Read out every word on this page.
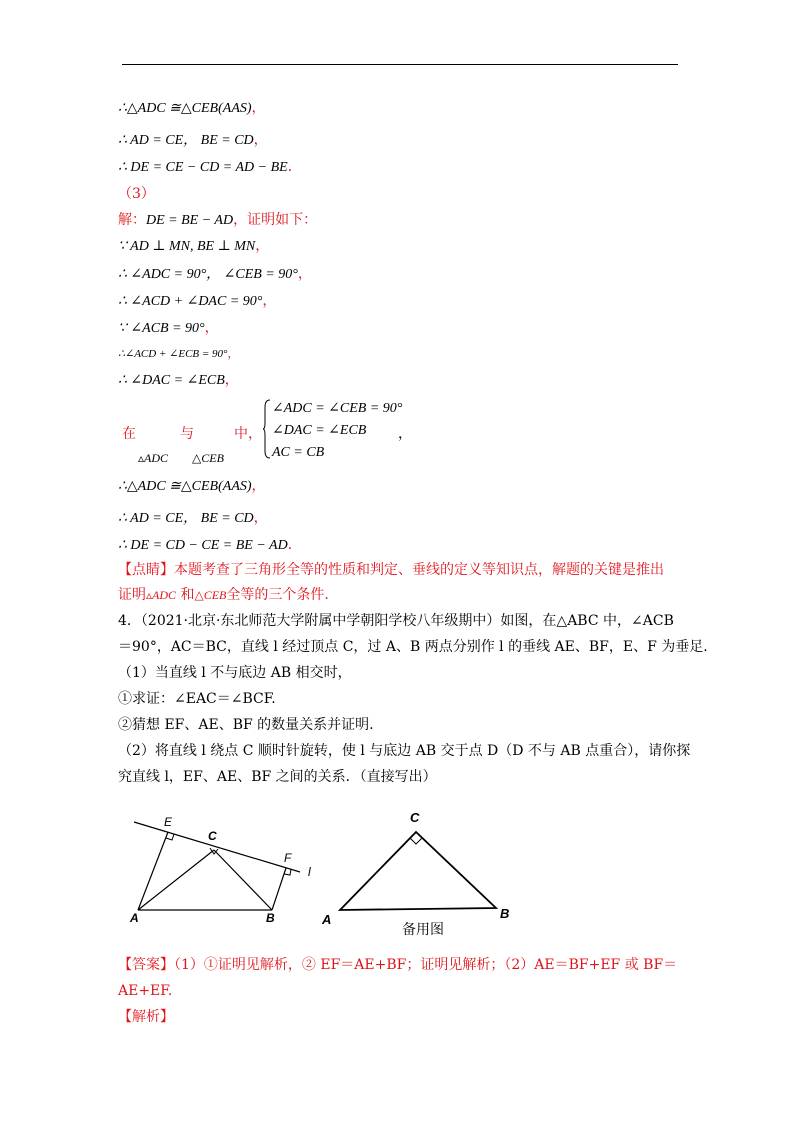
∴△ADC ≅△CEB(AAS)，
∴ AD = CE， BE = CD，
∴ DE = CE − CD = AD − BE．
（3）
解：DE = BE − AD，证明如下：
∵ AD ⊥ MN, BE ⊥ MN，
∴ ∠ADC = 90°， ∠CEB = 90°，
∴ ∠ACD + ∠DAC = 90°，
∵ ∠ACB = 90°，
∴∠ACD + ∠ECB = 90°，
∴ ∠DAC = ∠ECB，
在	与	中，
▵ADC △CEB
∠ADC = ∠CEB = 90°
∠DAC = ∠ECB
AC = CB
，
∴△ADC ≅△CEB(AAS)，
∴ AD = CE， BE = CD，
∴ DE = CD − CE = BE − AD．
【点睛】本题考查了三角形全等的性质和判定、垂线的定义等知识点，解题的关键是推出
证明▵ADC 和△CEB全等的三个条件.
4．（2021·北京·东北师范大学附属中学朝阳学校八年级期中）如图，在△ABC 中，∠ACB
＝90°，AC＝BC，直线 l 经过顶点 C，过 A、B 两点分别作 l 的垂线 AE、BF，E、F 为垂足.
（1）当直线 l 不与底边 AB 相交时，
①求证：∠EAC＝∠BCF.
②猜想 EF、AE、BF 的数量关系并证明.
（2）将直线 l 绕点 C 顺时针旋转，使 l 与底边 AB 交于点 D（D 不与 AB 点重合），请你探
究直线 l，EF、AE、BF 之间的关系．（直接写出）
E
C
F
l
A	B
C
A	B
备用图
【答案】（1）①证明见解析，② EF＝AE+BF；证明见解析；（2）AE＝BF+EF 或 BF＝
AE+EF.
【解析】
